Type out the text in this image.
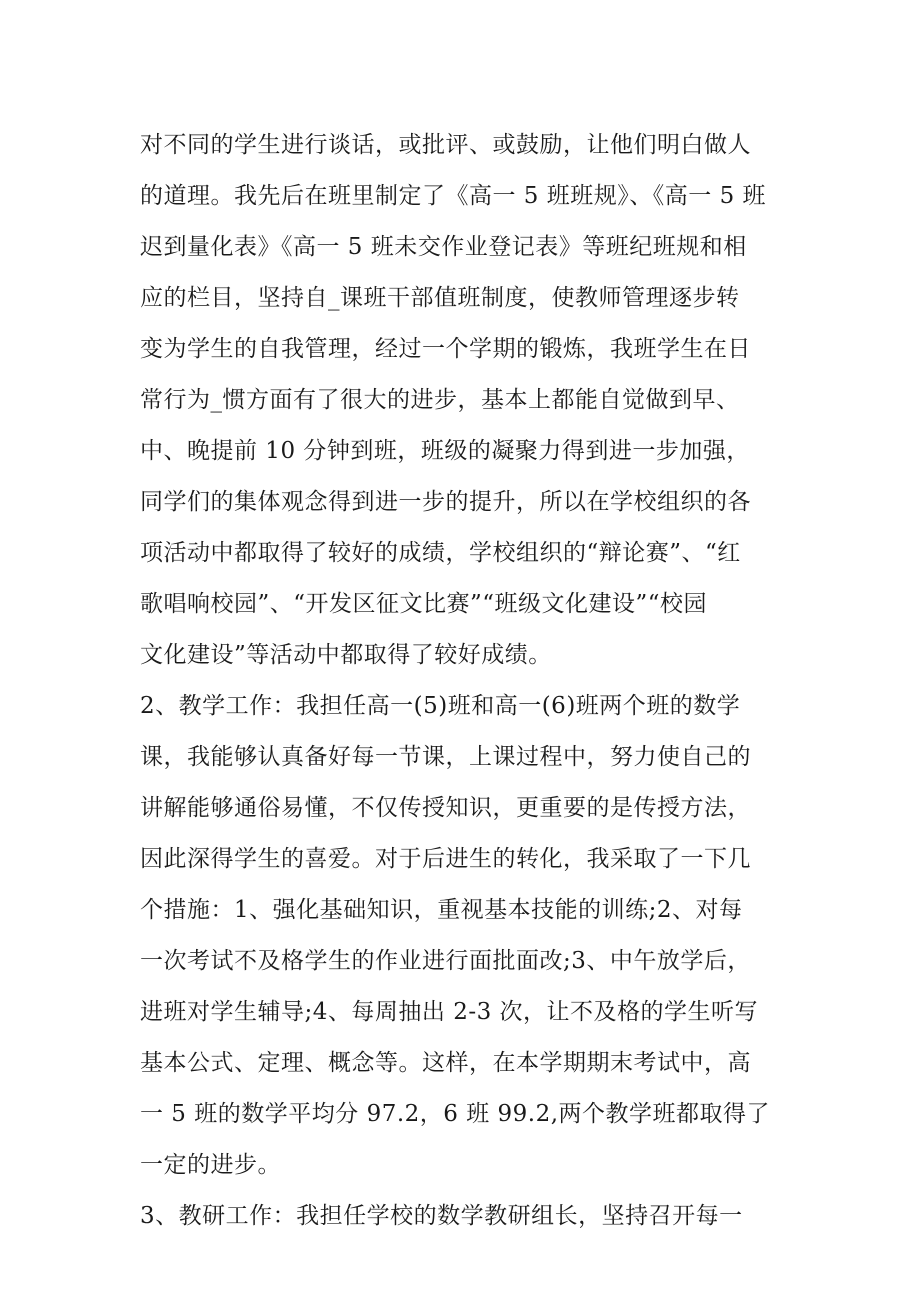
对不同的学生进行谈话，或批评、或鼓励，让他们明白做人
的道理。我先后在班里制定了《高一 5 班班规》、《高一 5 班
迟到量化表》《高一 5 班未交作业登记表》等班纪班规和相
应的栏目，坚持自_课班干部值班制度，使教师管理逐步转
变为学生的自我管理，经过一个学期的锻炼，我班学生在日
常行为_惯方面有了很大的进步，基本上都能自觉做到早、
中、晚提前 10 分钟到班，班级的凝聚力得到进一步加强，
同学们的集体观念得到进一步的提升，所以在学校组织的各
项活动中都取得了较好的成绩，学校组织的“辩论赛”、“红
歌唱响校园”、“开发区征文比赛”“班级文化建设”“校园
文化建设”等活动中都取得了较好成绩。
2、教学工作：我担任高一(5)班和高一(6)班两个班的数学
课，我能够认真备好每一节课，上课过程中，努力使自己的
讲解能够通俗易懂，不仅传授知识，更重要的是传授方法，
因此深得学生的喜爱。对于后进生的转化，我采取了一下几
个措施：1、强化基础知识，重视基本技能的训练;2、对每
一次考试不及格学生的作业进行面批面改;3、中午放学后，
进班对学生辅导;4、每周抽出 2-3 次，让不及格的学生听写
基本公式、定理、概念等。这样，在本学期期末考试中，高
一 5 班的数学平均分 97.2，6 班 99.2,两个教学班都取得了
一定的进步。
3、教研工作：我担任学校的数学教研组长，坚持召开每一
